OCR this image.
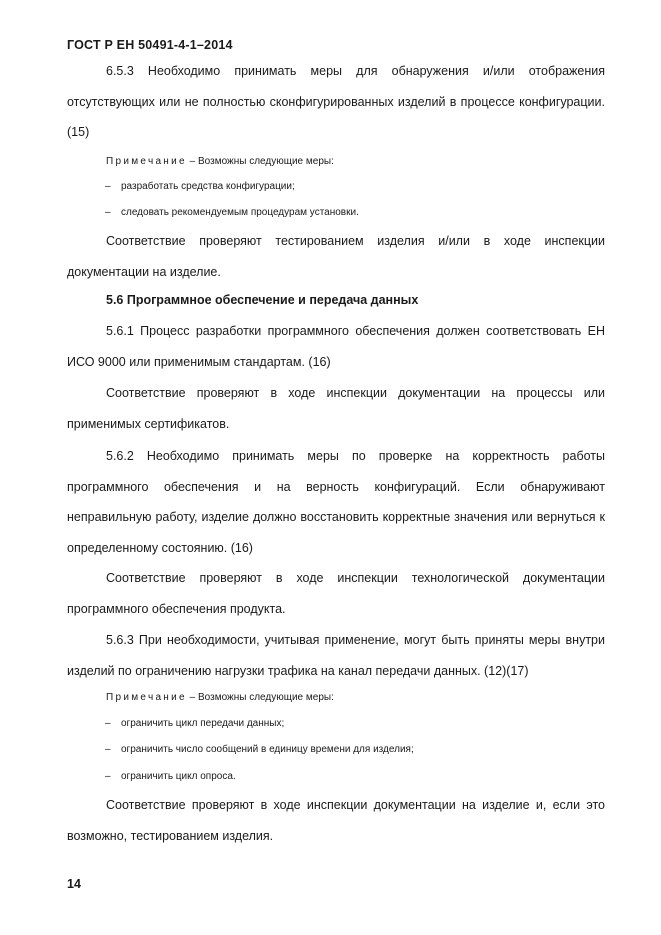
ГОСТ Р ЕН 50491-4-1–2014

6.5.3 Необходимо принимать меры для обнаружения и/или отображения отсутствующих или не полностью сконфигурированных изделий в процессе конфигурации. (15)

Примечание – Возможны следующие меры:

– разработать средства конфигурации;

– следовать рекомендуемым процедурам установки.

Соответствие проверяют тестированием изделия и/или в ходе инспекции документации на изделие.

5.6 Программное обеспечение и передача данных

5.6.1 Процесс разработки программного обеспечения должен соответствовать ЕН ИСО 9000 или применимым стандартам. (16)

Соответствие проверяют в ходе инспекции документации на процессы или применимых сертификатов.

5.6.2 Необходимо принимать меры по проверке на корректность работы программного обеспечения и на верность конфигураций. Если обнаруживают неправильную работу, изделие должно восстановить корректные значения или вернуться к определенному состоянию. (16)

Соответствие проверяют в ходе инспекции технологической документации программного обеспечения продукта.

5.6.3 При необходимости, учитывая применение, могут быть приняты меры внутри изделий по ограничению нагрузки трафика на канал передачи данных. (12)(17)

Примечание – Возможны следующие меры:

– ограничить цикл передачи данных;

– ограничить число сообщений в единицу времени для изделия;

– ограничить цикл опроса.

Соответствие проверяют в ходе инспекции документации на изделие и, если это возможно, тестированием изделия.

14
